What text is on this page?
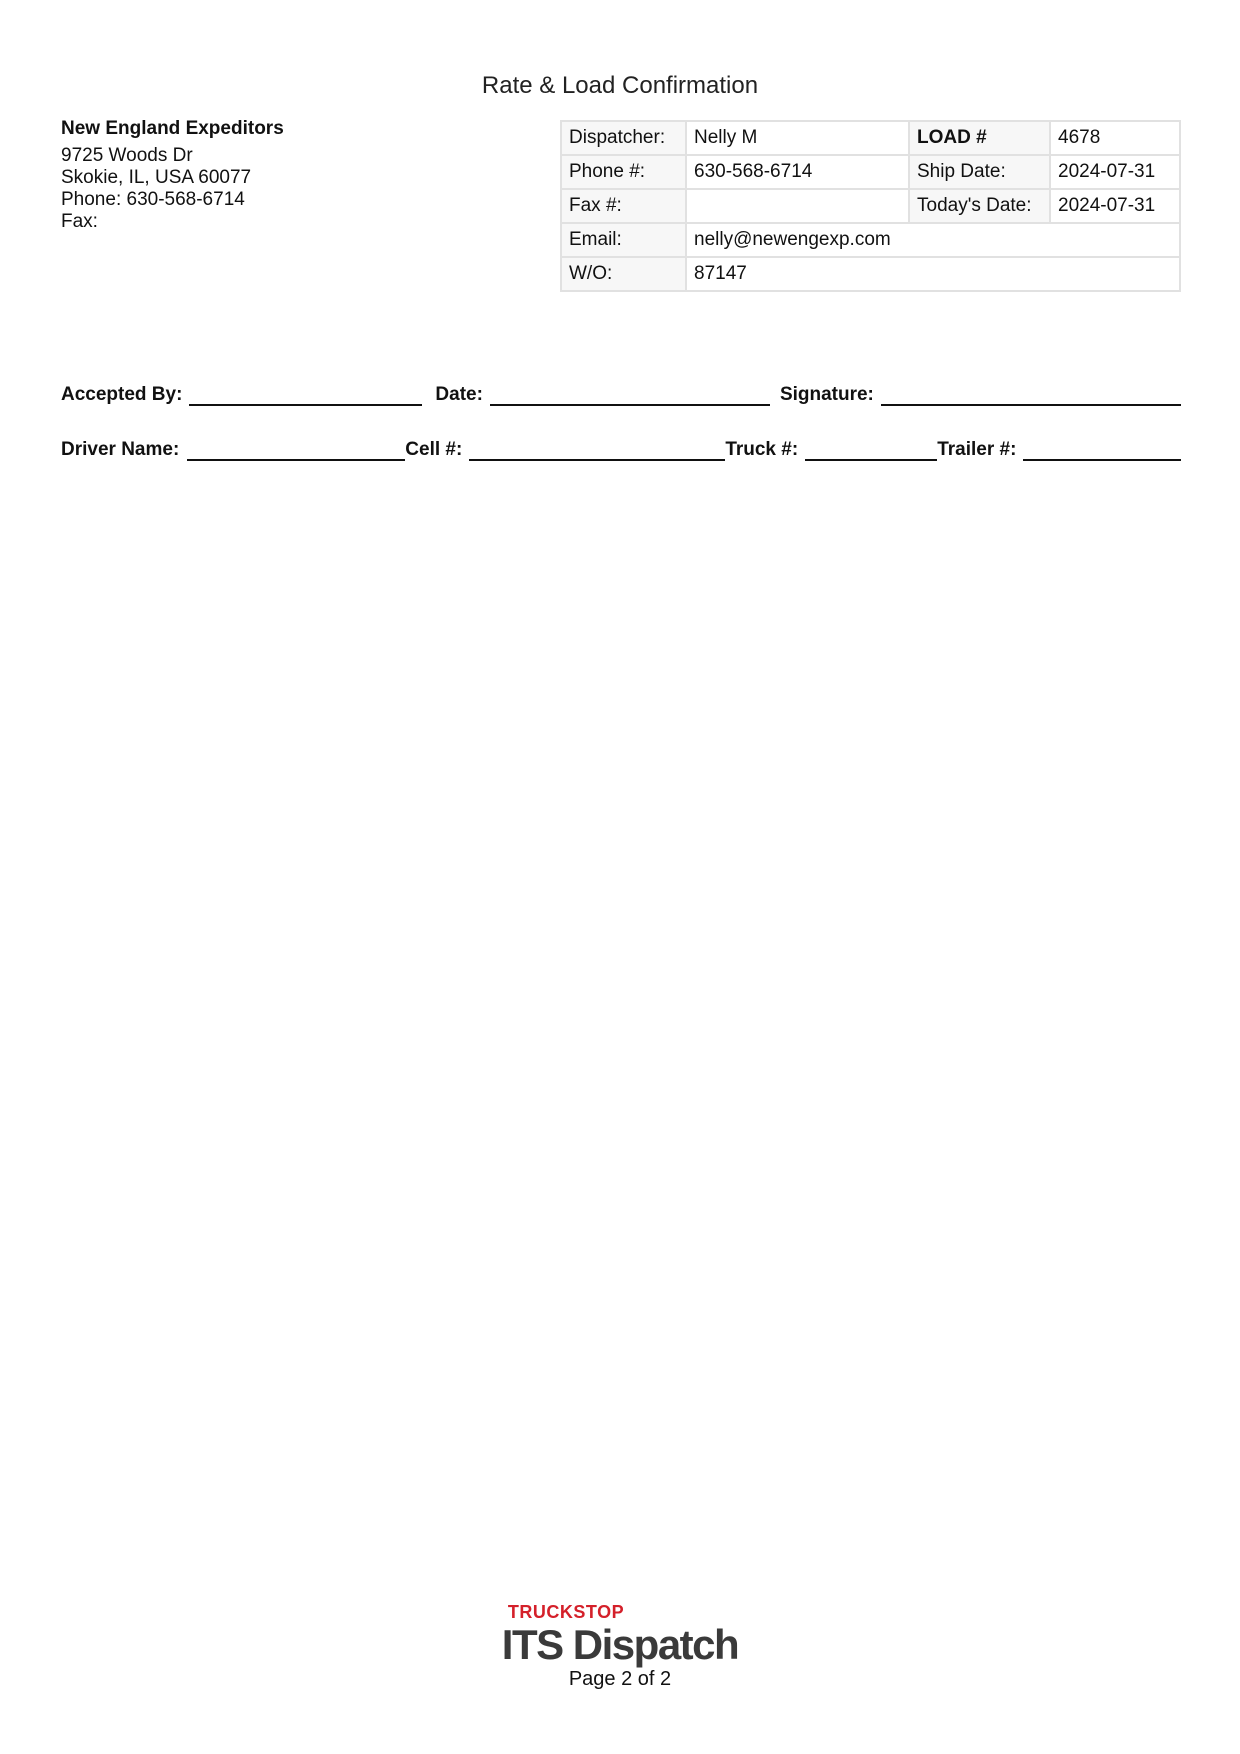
Rate & Load Confirmation
New England Expeditors
9725 Woods Dr
Skokie, IL, USA 60077
Phone: 630-568-6714
Fax:
Dispatcher:	Nelly M	LOAD #	4678
Phone #:	630-568-6714	Ship Date:	2024-07-31
Fax #:		Today's Date:	2024-07-31
Email:	nelly@newengexp.com		
W/O:	87147		
Accepted By:	Date:	Signature:
Driver Name:	Cell #:	Truck #:	Trailer #:
TRUCKSTOP
ITS Dispatch
Page 2 of 2
